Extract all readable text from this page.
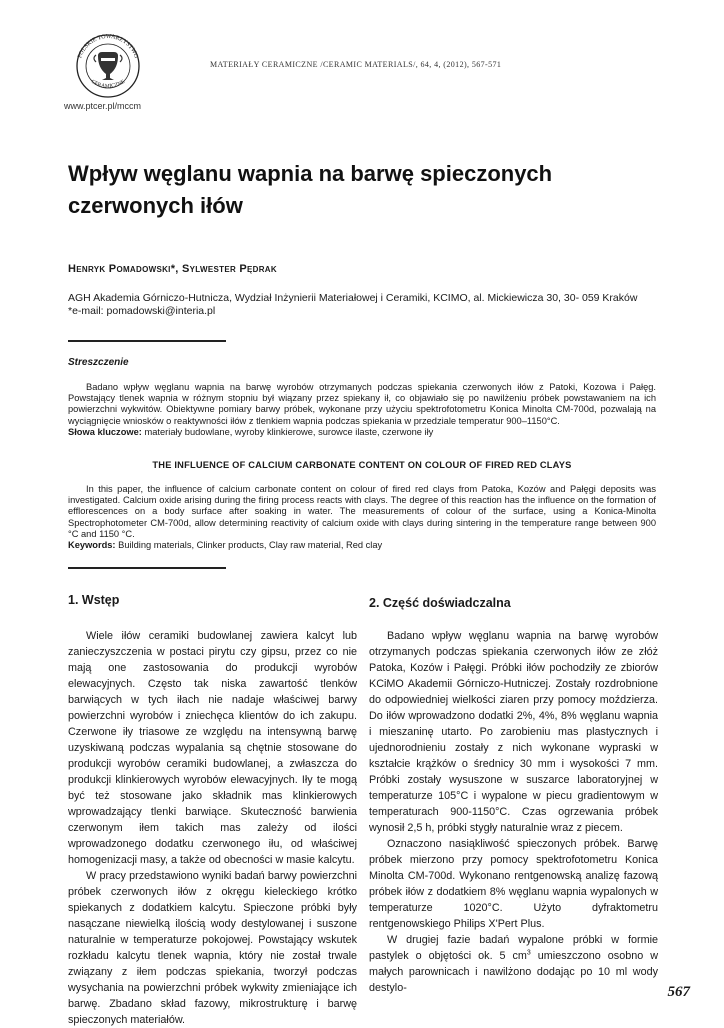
POLSKIE TOWARZYSTWO
CERAMICZNE
www.ptcer.pl/mccm
MATERIAŁY CERAMICZNE /CERAMIC MATERIALS/, 64, 4, (2012), 567-571
Wpływ węglanu wapnia na barwę spieczonych czerwonych iłów
Henryk Pomadowski*, Sylwester Pędrak
AGH Akademia Górniczo-Hutnicza, Wydział Inżynierii Materiałowej i Ceramiki, KCIMO, al. Mickiewicza 30, 30- 059 Kraków
*e-mail: pomadowski@interia.pl
Streszczenie
Badano wpływ węglanu wapnia na barwę wyrobów otrzymanych podczas spiekania czerwonych iłów z Patoki, Kozowa i Pałęg. Powstający tlenek wapnia w różnym stopniu był wiązany przez spiekany ił, co objawiało się po nawilżeniu próbek powstawaniem na ich powierzchni wykwitów. Obiektywne pomiary barwy próbek, wykonane przy użyciu spektrofotometru Konica Minolta CM-700d, pozwalają na wyciągnięcie wniosków o reaktywności iłów z tlenkiem wapnia podczas spiekania w przedziale temperatur 900–1150°C.
Słowa kluczowe: materiały budowlane, wyroby klinkierowe, surowce ilaste, czerwone iły
THE INFLUENCE OF CALCIUM CARBONATE CONTENT ON COLOUR OF FIRED RED CLAYS
In this paper, the influence of calcium carbonate content on colour of fired red clays from Patoka, Kozów and Pałęgi deposits was investigated. Calcium oxide arising during the firing process reacts with clays. The degree of this reaction has the influence on the formation of efflorescences on a body surface after soaking in water. The measurements of colour of the surface, using a Konica-Minolta Spectrophotometer CM-700d, allow determining reactivity of calcium oxide with clays during sintering in the temperature range between 900 °C and 1150 °C.
Keywords: Building materials, Clinker products, Clay raw material, Red clay
1. Wstęp

Wiele iłów ceramiki budowlanej zawiera kalcyt lub zanieczyszczenia w postaci pirytu czy gipsu, przez co nie mają one zastosowania do produkcji wyrobów elewacyjnych. Często tak niska zawartość tlenków barwiących w tych iłach nie nadaje właściwej barwy powierzchni wyrobów i zniechęca klientów do ich zakupu. Czerwone iły triasowe ze względu na intensywną barwę uzyskiwaną podczas wypalania są chętnie stosowane do produkcji wyrobów ceramiki budowlanej, a zwłaszcza do produkcji klinkierowych wyrobów elewacyjnych. Iły te mogą być też stosowane jako składnik mas klinkierowych wprowadzający tlenki barwiące. Skuteczność barwienia czerwonym iłem takich mas zależy od ilości wprowadzonego dodatku czerwonego iłu, od właściwej homogenizacji masy, a także od obecności w masie kalcytu.

W pracy przedstawiono wyniki badań barwy powierzchni próbek czerwonych iłów z okręgu kieleckiego krótko spiekanych z dodatkiem kalcytu. Spieczone próbki były nasączane niewielką ilością wody destylowanej i suszone naturalnie w temperaturze pokojowej. Powstający wskutek rozkładu kalcytu tlenek wapnia, który nie został trwale związany z iłem podczas spiekania, tworzył podczas wysychania na powierzchni próbek wykwity zmieniające ich barwę. Zbadano skład fazowy, mikrostrukturę i barwę spieczonych materiałów.

2. Część doświadczalna

Badano wpływ węglanu wapnia na barwę wyrobów otrzymanych podczas spiekania czerwonych iłów ze złóż Patoka, Kozów i Pałęgi. Próbki iłów pochodziły ze zbiorów KCiMO Akademii Górniczo-Hutniczej. Zostały rozdrobnione do odpowiedniej wielkości ziaren przy pomocy moździerza. Do iłów wprowadzono dodatki 2%, 4%, 8% węglanu wapnia i mieszaninę utarto. Po zarobieniu mas plastycznych i ujednorodnieniu zostały z nich wykonane wypraski w kształcie krążków o średnicy 30 mm i wysokości 7 mm. Próbki zostały wysuszone w suszarce laboratoryjnej w temperaturze 105°C i wypalone w piecu gradientowym w temperaturach 900-1150°C. Czas ogrzewania próbek wynosił 2,5 h, próbki stygły naturalnie wraz z piecem.

Oznaczono nasiąkliwość spieczonych próbek. Barwę próbek mierzono przy pomocy spektrofotometru Konica Minolta CM-700d. Wykonano rentgenowską analizę fazową próbek iłów z dodatkiem 8% węglanu wapnia wypalonych w temperaturze 1020°C. Użyto dyfraktometru rentgenowskiego Philips X'Pert Plus.

W drugiej fazie badań wypalone próbki w formie pastylek o objętości ok. 5 $cm^3$ umieszczono osobno w małych parownicach i nawilżono dodając po 10 ml wody destylo-	567
